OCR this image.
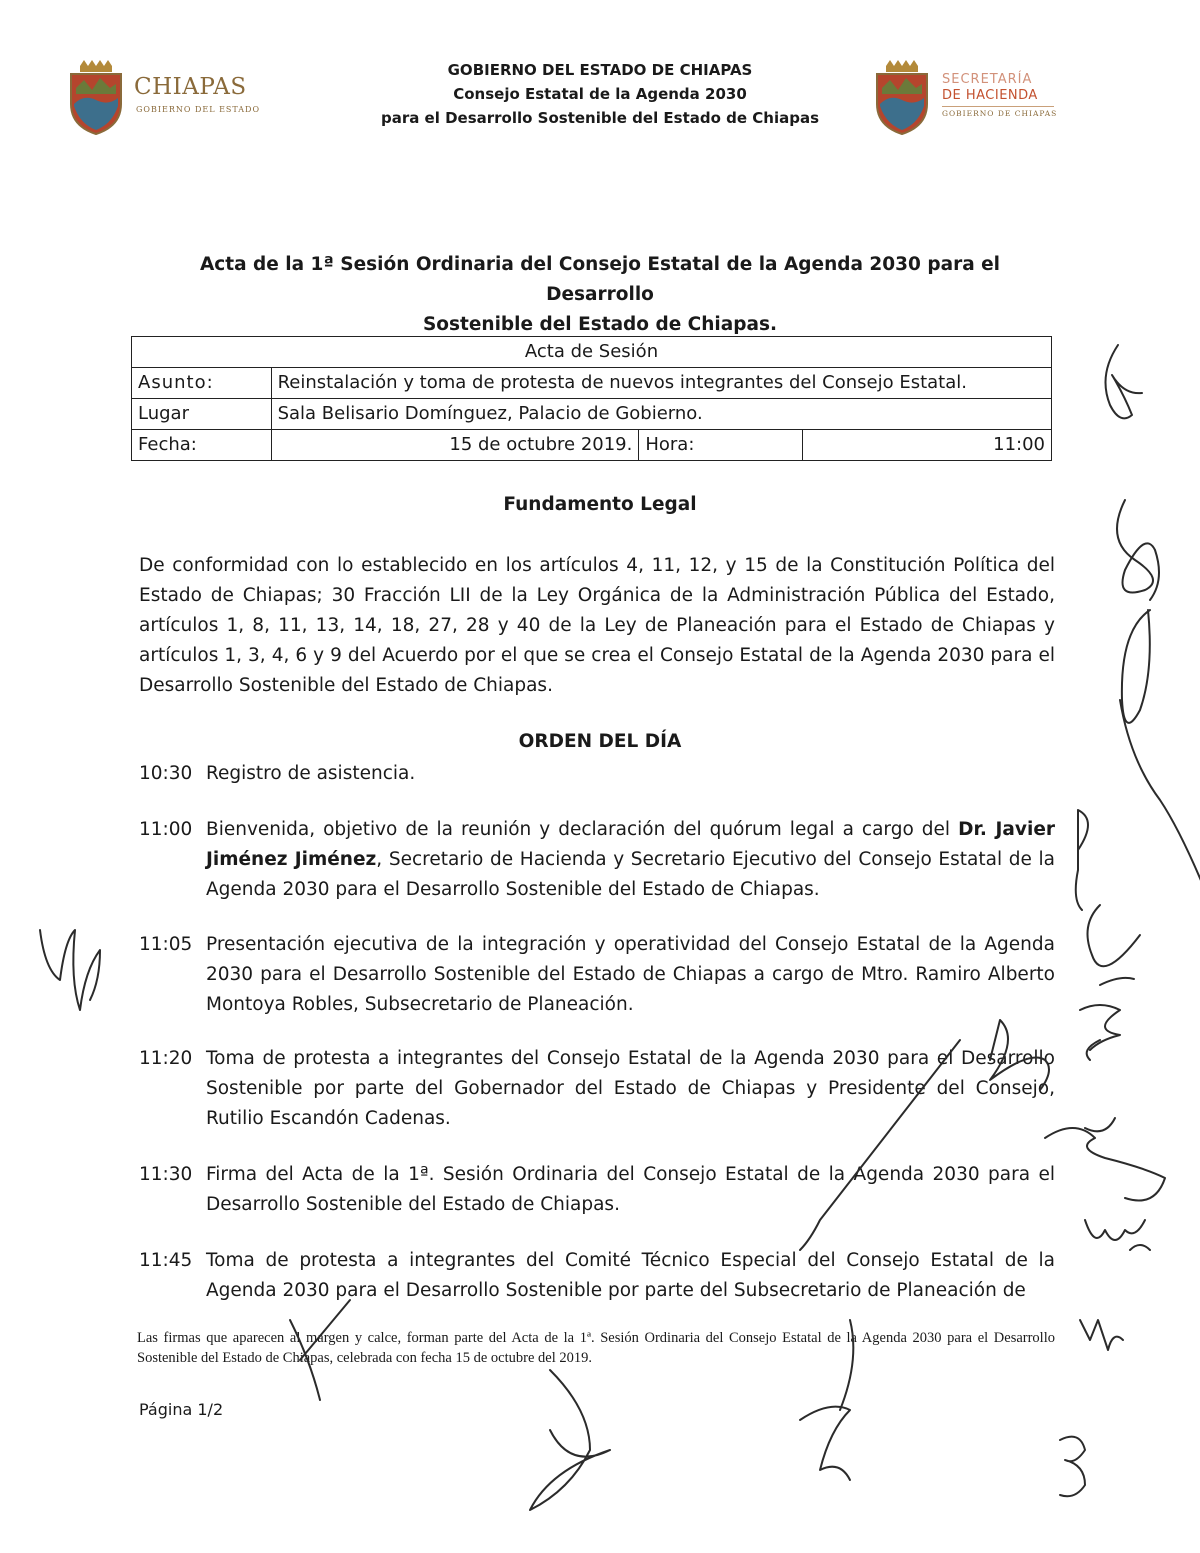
CHIAPAS
GOBIERNO DEL ESTADO
GOBIERNO DEL ESTADO DE CHIAPAS
Consejo Estatal de la Agenda 2030
para el Desarrollo Sostenible del Estado de Chiapas
SECRETARÍA
DE HACIENDA
GOBIERNO DE CHIAPAS
Acta de la 1ª Sesión Ordinaria del Consejo Estatal de la Agenda 2030 para el Desarrollo
Sostenible del Estado de Chiapas.
Acta de Sesión			
Asunto:	Reinstalación y toma de protesta de nuevos integrantes del Consejo Estatal.		
Lugar	Sala Belisario Domínguez, Palacio de Gobierno.		
Fecha:	15 de octubre 2019.	Hora:	11:00
Fundamento Legal
De conformidad con lo establecido en los artículos 4, 11, 12, y 15 de la Constitución Política del Estado de Chiapas; 30 Fracción LII de la Ley Orgánica de la Administración Pública del Estado, artículos 1, 8, 11, 13, 14, 18, 27, 28 y 40 de la Ley de Planeación para el Estado de Chiapas y artículos 1, 3, 4, 6 y 9 del Acuerdo por el que se crea el Consejo Estatal de la Agenda 2030 para el Desarrollo Sostenible del Estado de Chiapas.
ORDEN DEL DÍA
10:30 Registro de asistencia.
11:00 Bienvenida, objetivo de la reunión y declaración del quórum legal a cargo del Dr. Javier Jiménez Jiménez, Secretario de Hacienda y Secretario Ejecutivo del Consejo Estatal de la Agenda 2030 para el Desarrollo Sostenible del Estado de Chiapas.
11:05 Presentación ejecutiva de la integración y operatividad del Consejo Estatal de la Agenda 2030 para el Desarrollo Sostenible del Estado de Chiapas a cargo de Mtro. Ramiro Alberto Montoya Robles, Subsecretario de Planeación.
11:20 Toma de protesta a integrantes del Consejo Estatal de la Agenda 2030 para el Desarrollo Sostenible por parte del Gobernador del Estado de Chiapas y Presidente del Consejo, Rutilio Escandón Cadenas.
11:30 Firma del Acta de la 1ª. Sesión Ordinaria del Consejo Estatal de la Agenda 2030 para el Desarrollo Sostenible del Estado de Chiapas.
11:45 Toma de protesta a integrantes del Comité Técnico Especial del Consejo Estatal de la Agenda 2030 para el Desarrollo Sostenible por parte del Subsecretario de Planeación de
Las firmas que aparecen al margen y calce, forman parte del Acta de la 1ª. Sesión Ordinaria del Consejo Estatal de la Agenda 2030 para el Desarrollo Sostenible del Estado de Chiapas, celebrada con fecha 15 de octubre del 2019.
Página 1/2
